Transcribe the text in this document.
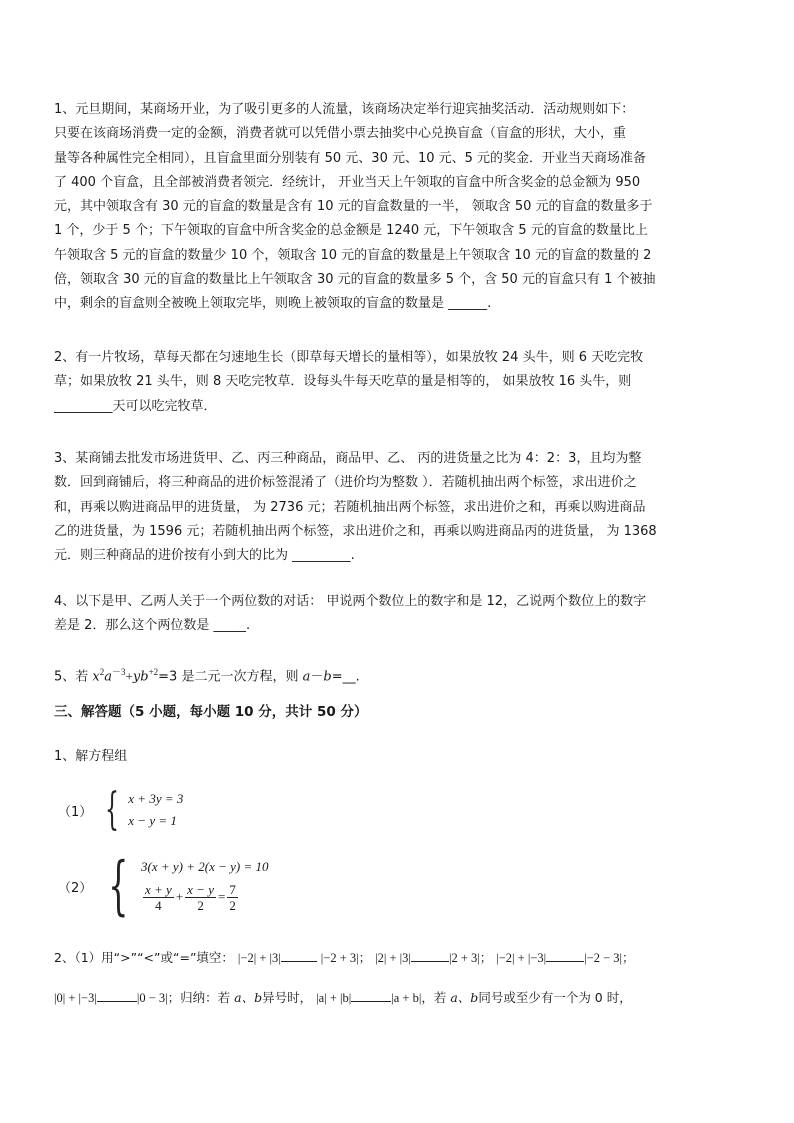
1、元旦期间，某商场开业，为了吸引更多的人流量，该商场决定举行迎宾抽奖活动．活动规则如下：
只要在该商场消费一定的金额，消费者就可以凭借小票去抽奖中心兑换盲盒（盲盒的形状，大小，重
量等各种属性完全相同），且盲盒里面分别装有 50 元、30 元、10 元、5 元的奖金．开业当天商场准备
了 400 个盲盒，且全部被消费者领完．经统计， 开业当天上午领取的盲盒中所含奖金的总金额为 950
元，其中领取含有 30 元的盲盒的数量是含有 10 元的盲盒数量的一半， 领取含 50 元的盲盒的数量多于
1 个，少于 5 个；下午领取的盲盒中所含奖金的总金额是 1240 元，下午领取含 5 元的盲盒的数量比上
午领取含 5 元的盲盒的数量少 10 个，领取含 10 元的盲盒的数量是上午领取含 10 元的盲盒的数量的 2
倍，领取含 30 元的盲盒的数量比上午领取含 30 元的盲盒的数量多 5 个，含 50 元的盲盒只有 1 个被抽
中，剩余的盲盒则全被晚上领取完毕，则晚上被领取的盲盒的数量是 ______.
2、有一片牧场，草每天都在匀速地生长（即草每天增长的量相等），如果放牧 24 头牛，则 6 天吃完牧
草；如果放牧 21 头牛，则 8 天吃完牧草．设每头牛每天吃草的量是相等的， 如果放牧 16 头牛，则
_________天可以吃完牧草．
3、某商铺去批发市场进货甲、乙、丙三种商品，商品甲、乙、 丙的进货量之比为 4：2：3，且均为整
数．回到商铺后，将三种商品的进价标签混淆了（进价均为整数 ）．若随机抽出两个标签，求出进价之
和，再乘以购进商品甲的进货量， 为 2736 元；若随机抽出两个标签，求出进价之和，再乘以购进商品
乙的进货量，为 1596 元；若随机抽出两个标签，求出进价之和，再乘以购进商品丙的进货量， 为 1368
元．则三种商品的进价按有小到大的比为 _________.
4、以下是甲、乙两人关于一个两位数的对话： 甲说两个数位上的数字和是 12，乙说两个数位上的数字
差是 2．那么这个两位数是 _____.
5、若 $x^2a^{-3}+yb^{+2}=3$ 是二元一次方程，则 a－b=__.
三、解答题（5 小题，每小题 10 分，共计 50 分）
1、解方程组
（1） { x + 3y = 3
x − y = 1
（2） { 3(x + y) + 2(x − y) = 10
$\frac{x + y}{4} + \frac{x - y}{2} = \frac{7}{2}$
2、（1）用“>”“<”或“=”填空： |−2| + |3|	|−2 + 3|； |2| + |3|	|2 + 3|； |−2| + |−3|	|−2 − 3|；
|0| + |−3|	|0 − 3|；归纳：若 a、b异号时， |a| + |b|	|a + b|，若 a、b同号或至少有一个为 0 时，
